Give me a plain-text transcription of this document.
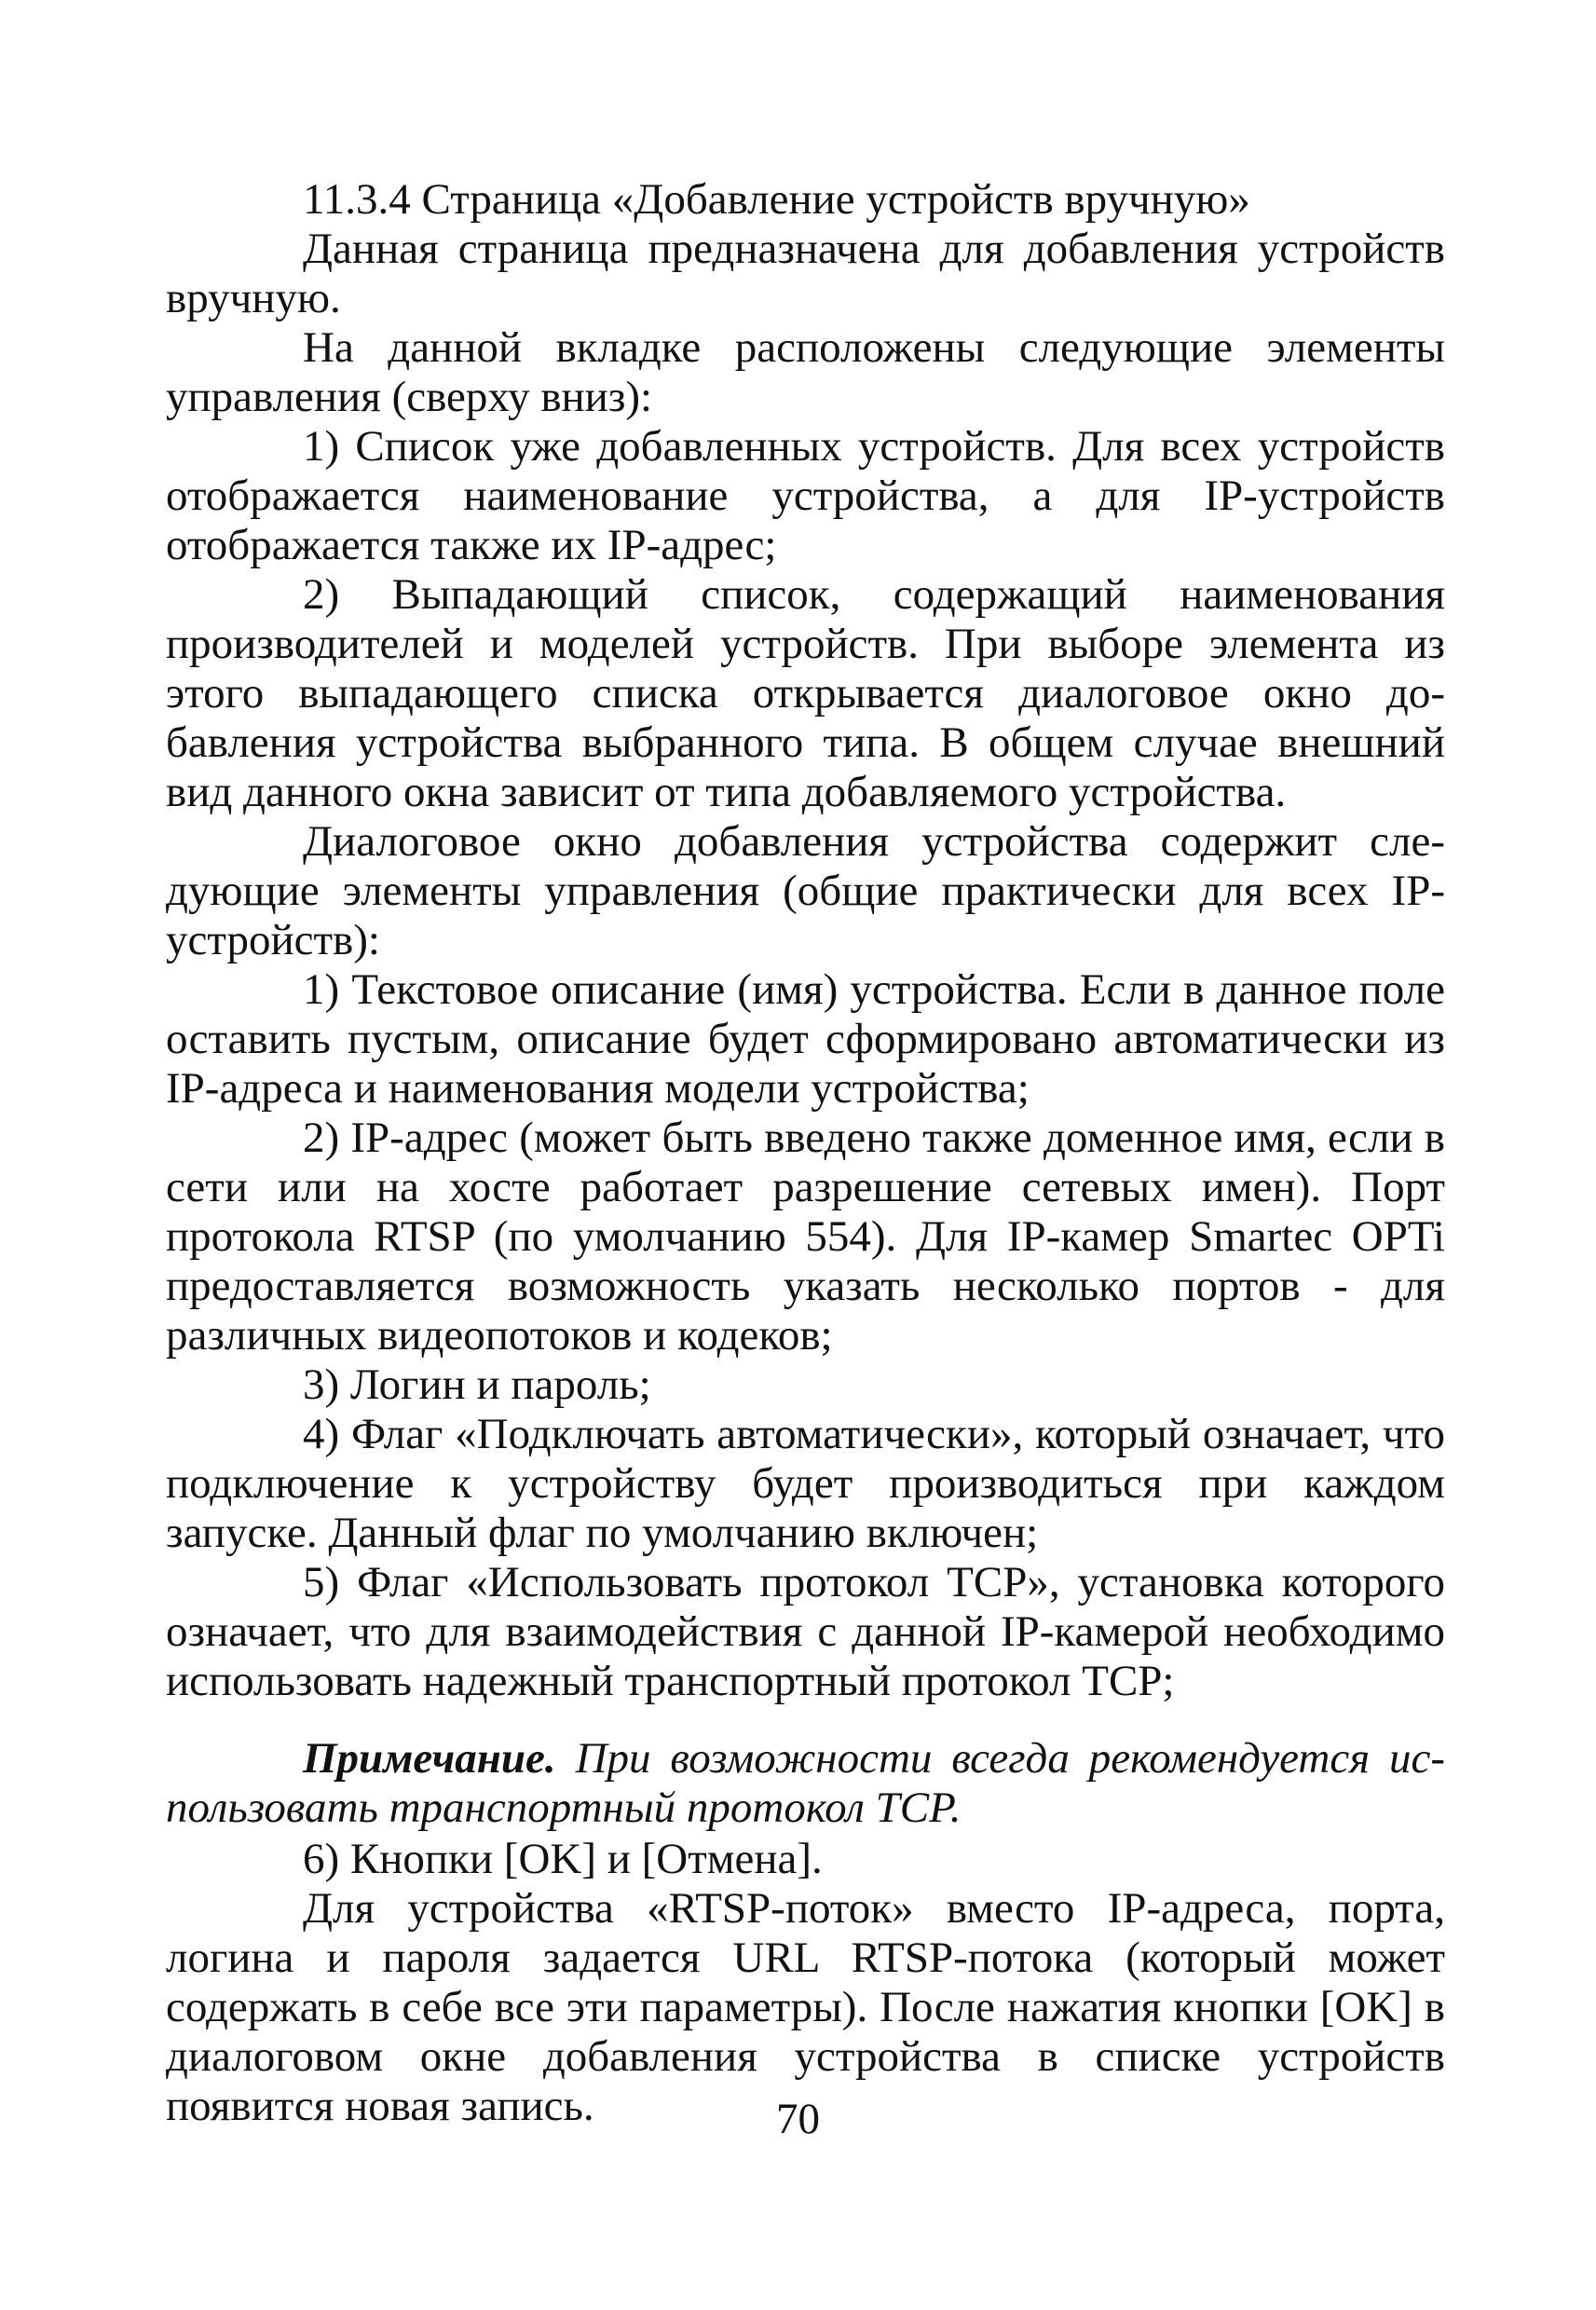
11.3.4 Страница «Добавление устройств вручную»

Данная страница предназначена для добавления устройств вручную.

На данной вкладке расположены следующие элементы управления (сверху вниз):

1) Список уже добавленных устройств. Для всех устройств отображается наименование устройства, а для IP-устройств отображается также их IP-адрес;

2) Выпадающий список, содержащий наименования производителей и моделей устройств. При выборе элемента из этого выпадающего списка открывается диалоговое окно добавления устройства выбранного типа. В общем случае внешний вид данного окна зависит от типа добавляемого устройства.

Диалоговое окно добавления устройства содержит следующие элементы управления (общие практически для всех IP-устройств):

1) Текстовое описание (имя) устройства. Если в данное поле оставить пустым, описание будет сформировано автоматически из IP-адреса и наименования модели устройства;

2) IP-адрес (может быть введено также доменное имя, если в сети или на хосте работает разрешение сетевых имен). Порт протокола RTSP (по умолчанию 554). Для IP-камер Smartec OPTi предоставляется возможность указать несколько портов - для различных видеопотоков и кодеков;

3) Логин и пароль;

4) Флаг «Подключать автоматически», который означает, что подключение к устройству будет производиться при каждом запуске. Данный флаг по умолчанию включен;

5) Флаг «Использовать протокол TCP», установка которого означает, что для взаимодействия с данной IP-камерой необходимо использовать надежный транспортный протокол TCP;

Примечание. При возможности всегда рекомендуется использовать транспортный протокол TCP.

6) Кнопки [OK] и [Отмена].

Для устройства «RTSP-поток» вместо IP-адреса, порта, логина и пароля задается URL RTSP-потока (который может содержать в себе все эти параметры). После нажатия кнопки [OK] в диалоговом окне добавления устройства в списке устройств появится новая запись.	70
